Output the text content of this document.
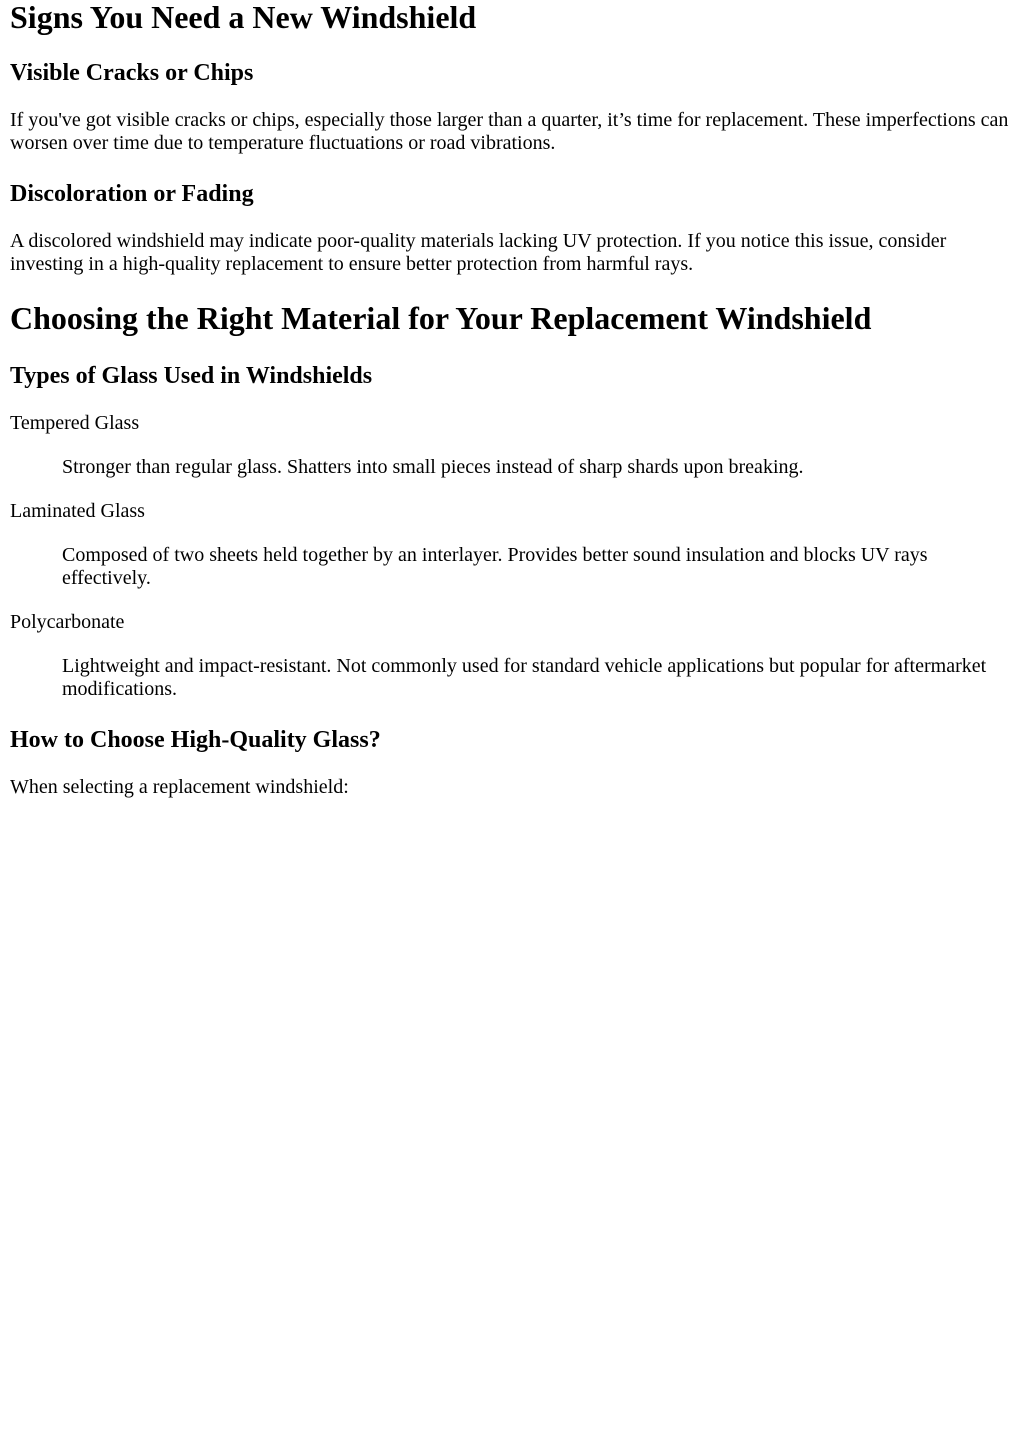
Signs You Need a New Windshield
Visible Cracks or Chips

If you've got visible cracks or chips, especially those larger than a quarter, it’s time for replacement. These imperfections can worsen over time due to temperature fluctuations or road vibrations.

Discoloration or Fading

A discolored windshield may indicate poor-quality materials lacking UV protection. If you notice this issue, consider investing in a high-quality replacement to ensure better protection from harmful rays.

Choosing the Right Material for Your Replacement Windshield
Types of Glass Used in Windshields
Tempered Glass
Stronger than regular glass. Shatters into small pieces instead of sharp shards upon breaking.
Laminated Glass
Composed of two sheets held together by an interlayer. Provides better sound insulation and blocks UV rays effectively.
Polycarbonate
Lightweight and impact-resistant. Not commonly used for standard vehicle applications but popular for aftermarket modifications.
How to Choose High-Quality Glass?

When selecting a replacement windshield:
